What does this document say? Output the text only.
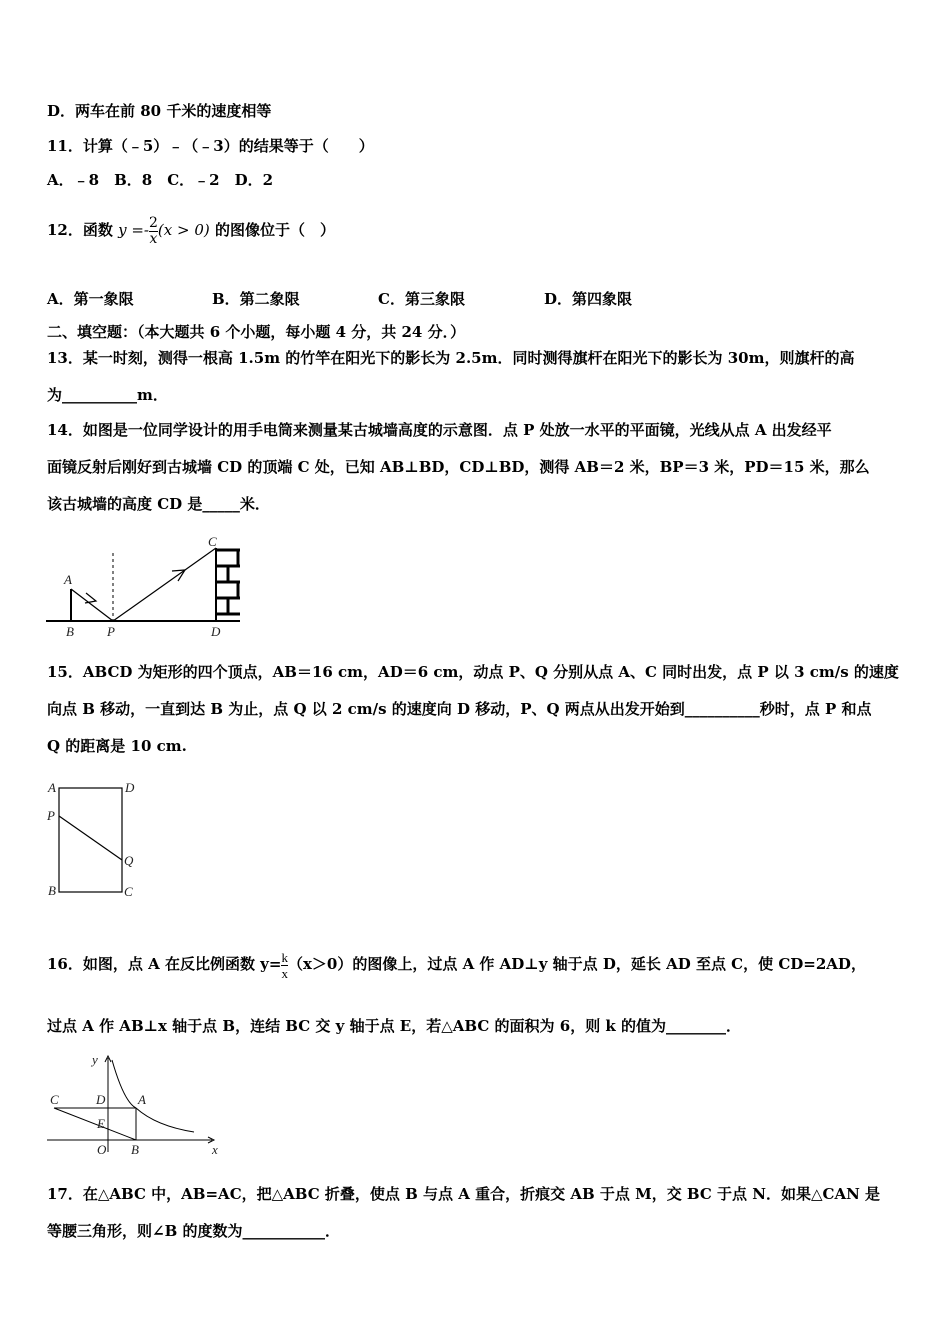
D．两车在前 80 千米的速度相等
11．计算（﹣5）﹣（﹣3）的结果等于（　　）
A．﹣8　B．8　C．﹣2　D．2
12．函数 $y =- \frac{2}{x} (x > 0)$ 的图像位于（　）
A．第一象限	B．第二象限	C．第三象限	D．第四象限
二、填空题：（本大题共 6 个小题，每小题 4 分，共 24 分．）
13．某一时刻，测得一根高 1.5m 的竹竿在阳光下的影长为 2.5m．同时测得旗杆在阳光下的影长为 30m，则旗杆的高
为__________m．
14．如图是一位同学设计的用手电筒来测量某古城墙高度的示意图．点 P 处放一水平的平面镜，光线从点 A 出发经平
面镜反射后刚好到古城墙 CD 的顶端 C 处，已知 AB⊥BD，CD⊥BD，测得 AB＝2 米，BP＝3 米，PD＝15 米，那么
该古城墙的高度 CD 是_____米．
A
B	P
C
D
15．ABCD 为矩形的四个顶点，AB＝16 cm，AD＝6 cm，动点 P、Q 分别从点 A、C 同时出发，点 P 以 3 cm/s 的速度
向点 B 移动，一直到达 B 为止，点 Q 以 2 cm/s 的速度向 D 移动，P、Q 两点从出发开始到__________秒时，点 P 和点
Q 的距离是 10 cm.
A	D
P
Q
B	C
16．如图，点 A 在反比例函数 $y= \frac{k}{x} (x>0)$的图像上，过点 A 作 AD⊥y 轴于点 D，延长 AD 至点 C，使 CD=2AD，
过点 A 作 AB⊥x 轴于点 B，连结 BC 交 y 轴于点 E，若△ABC 的面积为 6，则 k 的值为________．
y
x
C	D	A
E
O B
17．在△ABC 中，AB=AC，把△ABC 折叠，使点 B 与点 A 重合，折痕交 AB 于点 M，交 BC 于点 N．如果△CAN 是
等腰三角形，则∠B 的度数为___________．
